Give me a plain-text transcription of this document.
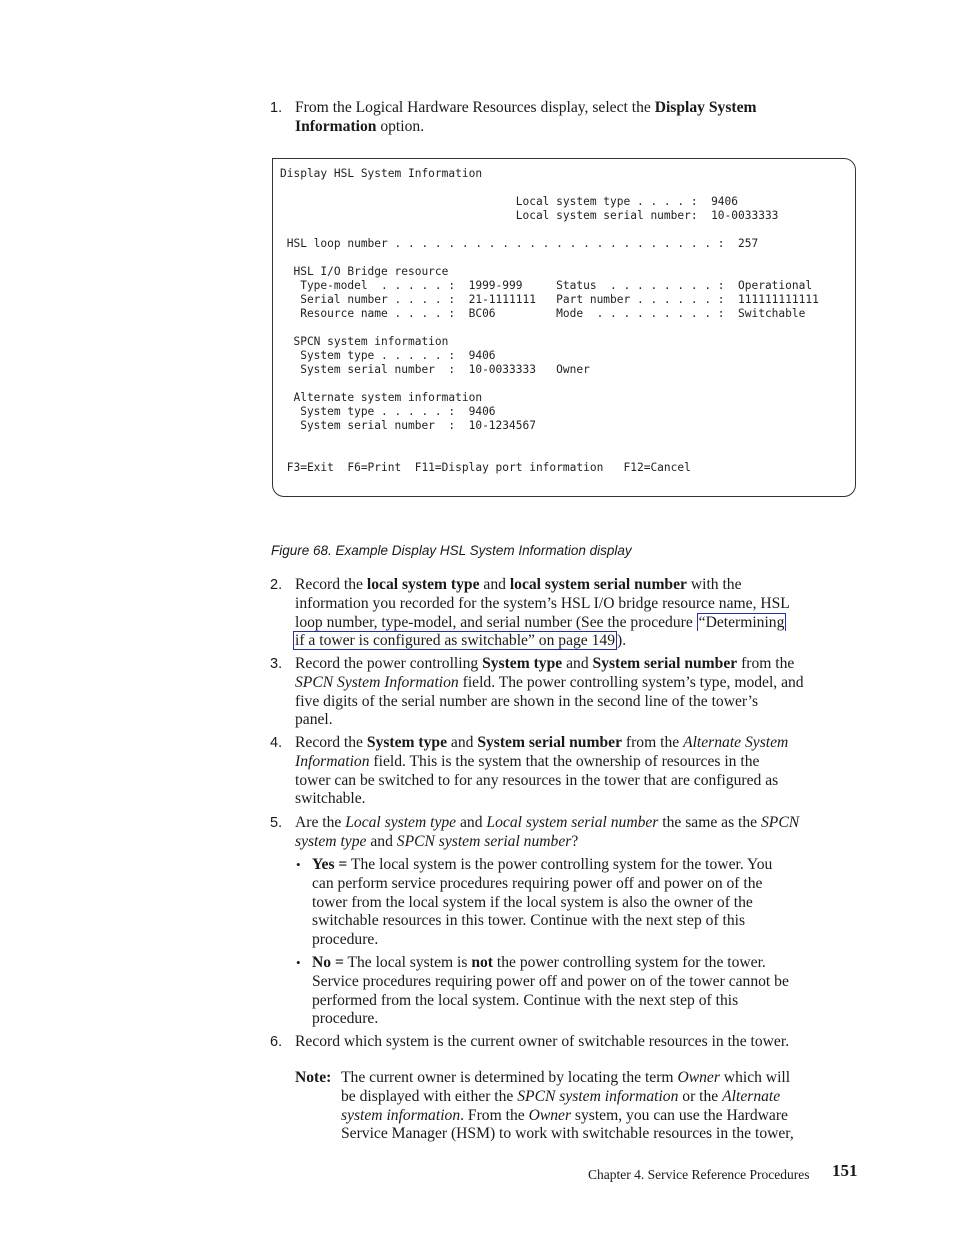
1. From the Logical Hardware Resources display, select the Display System
Information option.
Display HSL System Information
Local system type . . . . :  9406
Local system serial number:  10-0033333
HSL loop number . . . . . . . . . . . . . . . . . . . . . . . . :  257
HSL I/O Bridge resource
Type-model  . . . . . :  1999-999     Status  . . . . . . . . :  Operational
Serial number . . . . :  21-1111111   Part number . . . . . . :  111111111111
Resource name . . . . :  BC06         Mode  . . . . . . . . . :  Switchable
SPCN system information
System type . . . . . :  9406
System serial number  :  10-0033333   Owner
Alternate system information
System type . . . . . :  9406
System serial number  :  10-1234567
F3=Exit  F6=Print  F11=Display port information   F12=Cancel
Figure 68. Example Display HSL System Information display
2. Record the local system type and local system serial number with the
information you recorded for the system’s HSL I/O bridge resource name, HSL
loop number, type-model, and serial number (See the procedure “Determining
if a tower is configured as switchable” on page 149 ).
3. Record the power controlling System type and System serial number from the
SPCN System Information field. The power controlling system’s type, model, and
five digits of the serial number are shown in the second line of the tower’s
panel.
4. Record the System type and System serial number from the Alternate System
Information field. This is the system that the ownership of resources in the
tower can be switched to for any resources in the tower that are configured as
switchable.
5. Are the Local system type and Local system serial number the same as the SPCN
system type and SPCN system serial number?
• Yes = The local system is the power controlling system for the tower. You
can perform service procedures requiring power off and power on of the
tower from the local system if the local system is also the owner of the
switchable resources in this tower. Continue with the next step of this
procedure.
• No = The local system is not the power controlling system for the tower.
Service procedures requiring power off and power on of the tower cannot be
performed from the local system. Continue with the next step of this
procedure.
6. Record which system is the current owner of switchable resources in the tower.
Note: The current owner is determined by locating the term Owner which will
be displayed with either the SPCN system information or the Alternate
system information. From the Owner system, you can use the Hardware
Service Manager (HSM) to work with switchable resources in the tower,
Chapter 4. Service Reference Procedures 151
